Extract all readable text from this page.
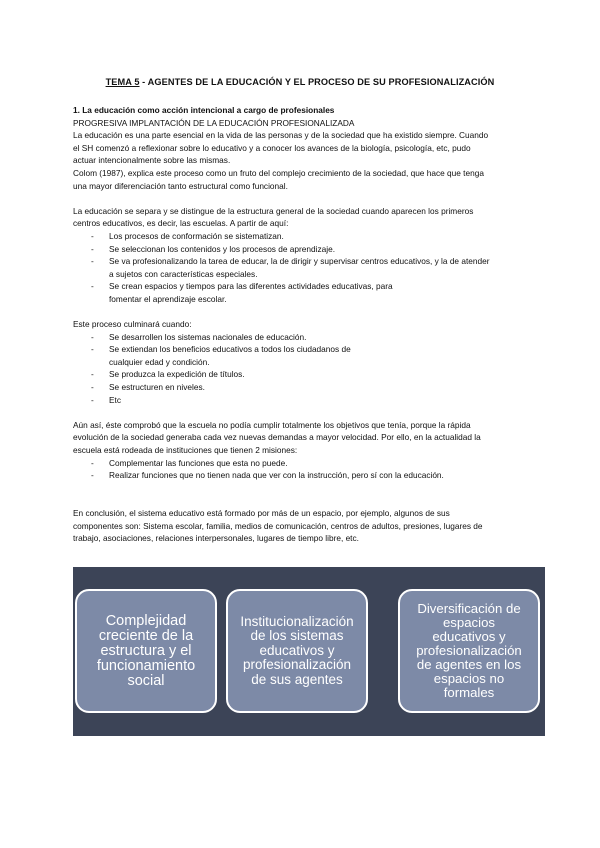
TEMA 5 - AGENTES DE LA EDUCACIÓN Y EL PROCESO DE SU PROFESIONALIZACIÓN

1. La educación como acción intencional a cargo de profesionales

PROGRESIVA IMPLANTACIÓN DE LA EDUCACIÓN PROFESIONALIZADA

La educación es una parte esencial en la vida de las personas y de la sociedad que ha existido siempre. Cuando
el SH comenzó a reflexionar sobre lo educativo y a conocer los avances de la biología, psicología, etc, pudo
actuar intencionalmente sobre las mismas.

Colom (1987), explica este proceso como un fruto del complejo crecimiento de la sociedad, que hace que tenga
una mayor diferenciación tanto estructural como funcional.

La educación se separa y se distingue de la estructura general de la sociedad cuando aparecen los primeros
centros educativos, es decir, las escuelas. A partir de aquí:

- Los procesos de conformación se sistematizan.
- Se seleccionan los contenidos y los procesos de aprendizaje.
- Se va profesionalizando la tarea de educar, la de dirigir y supervisar centros educativos, y la de atender
a sujetos con características especiales.
- Se crean espacios y tiempos para las diferentes actividades educativas, para
fomentar el aprendizaje escolar.

Este proceso culminará cuando:

- Se desarrollen los sistemas nacionales de educación.
- Se extiendan los beneficios educativos a todos los ciudadanos de
cualquier edad y condición.
- Se produzca la expedición de títulos.
- Se estructuren en niveles.
- Etc

Aún así, éste comprobó que la escuela no podía cumplir totalmente los objetivos que tenía, porque la rápida
evolución de la sociedad generaba cada vez nuevas demandas a mayor velocidad. Por ello, en la actualidad la
escuela está rodeada de instituciones que tienen 2 misiones:

- Complementar las funciones que esta no puede.
- Realizar funciones que no tienen nada que ver con la instrucción, pero sí con la educación.

En conclusión, el sistema educativo está formado por más de un espacio, por ejemplo, algunos de sus
componentes son: Sistema escolar, familia, medios de comunicación, centros de adultos, presiones, lugares de
trabajo, asociaciones, relaciones interpersonales, lugares de tiempo libre, etc.

Complejidad
creciente de la
estructura y el
funcionamiento
social
Institucionalización
de los sistemas
educativos y
profesionalización
de sus agentes
Diversificación de
espacios
educativos y
profesionalización
de agentes en los
espacios no
formales
